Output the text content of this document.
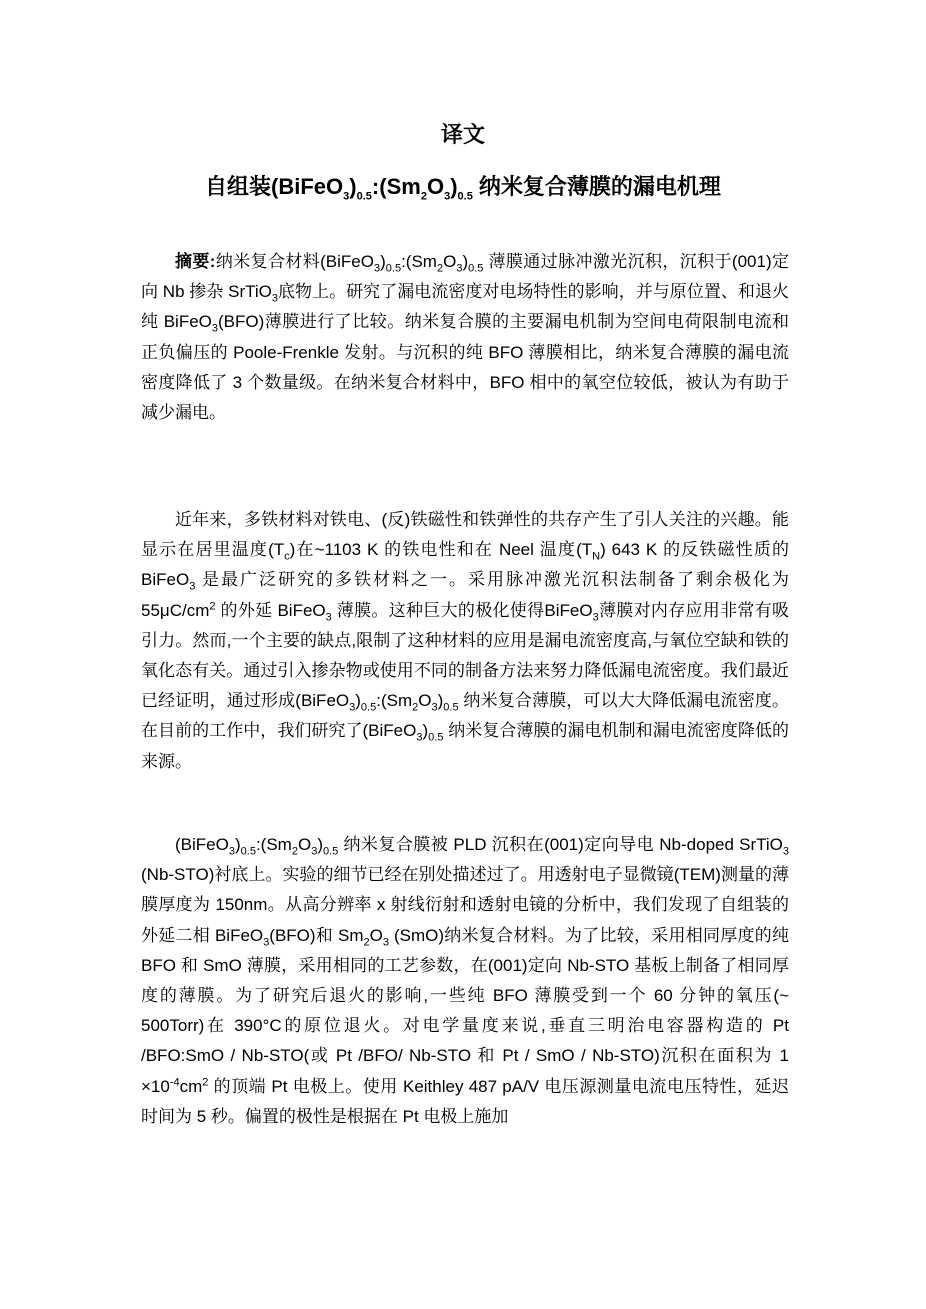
译文
自组装$(BiFeO_3)_{0.5}:(Sm_2O_3)_{0.5}$ 纳米复合薄膜的漏电机理

摘要:纳米复合材料$(BiFeO_3)_{0.5}:(Sm_2O_3)_{0.5}$ 薄膜通过脉冲激光沉积，沉积于(001)定向 Nb 掺杂 SrTiO$_3$底物上。研究了漏电流密度对电场特性的影响，并与原位置、和退火纯 BiFeO$_3$(BFO)薄膜进行了比较。纳米复合膜的主要漏电机制为空间电荷限制电流和正负偏压的 Poole-Frenkle 发射。与沉积的纯 BFO 薄膜相比，纳米复合薄膜的漏电流密度降低了 3 个数量级。在纳米复合材料中，BFO 相中的氧空位较低，被认为有助于减少漏电。

近年来，多铁材料对铁电、(反)铁磁性和铁弹性的共存产生了引人关注的兴趣。能显示在居里温度$(T_c)$在~1103 K 的铁电性和在 Neel 温度$(T_N)$ 643 K 的反铁磁性质的 BiFeO$_3$ 是最广泛研究的多铁材料之一。采用脉冲激光沉积法制备了剩余极化为 $55\mu C/cm^2$ 的外延 BiFeO$_3$ 薄膜。这种巨大的极化使得BiFeO$_3$薄膜对内存应用非常有吸引力。然而,一个主要的缺点,限制了这种材料的应用是漏电流密度高,与氧位空缺和铁的氧化态有关。通过引入掺杂物或使用不同的制备方法来努力降低漏电流密度。我们最近已经证明，通过形成$(BiFeO_3)_{0.5}:(Sm_2O_3)_{0.5}$ 纳米复合薄膜，可以大大降低漏电流密度。在目前的工作中，我们研究了$(BiFeO_3)_{0.5}$ 纳米复合薄膜的漏电机制和漏电流密度降低的来源。

$(BiFeO_3)_{0.5}:(Sm_2O_3)_{0.5}$ 纳米复合膜被 PLD 沉积在(001)定向导电 Nb-doped SrTiO$_3$ (Nb-STO)衬底上。实验的细节已经在别处描述过了。用透射电子显微镜(TEM)测量的薄膜厚度为 150nm。从高分辨率 x 射线衍射和透射电镜的分析中，我们发现了自组装的外延二相 BiFeO$_3$(BFO)和 $Sm_2O_3$ (SmO)纳米复合材料。为了比较，采用相同厚度的纯 BFO 和 SmO 薄膜，采用相同的工艺参数，在(001)定向 Nb-STO 基板上制备了相同厚度的薄膜。为了研究后退火的影响,一些纯 BFO 薄膜受到一个 60 分钟的氧压(~ 500Torr)在 390°C的原位退火。对电学量度来说,垂直三明治电容器构造的 Pt /BFO:SmO / Nb-STO(或 Pt /BFO/ Nb-STO 和 Pt / SmO / Nb-STO)沉积在面积为 $1 \times 10^{-4}cm^2$ 的顶端 Pt 电极上。使用 Keithley 487 pA/V 电压源测量电流电压特性，延迟时间为 5 秒。偏置的极性是根据在 Pt 电极上施加
